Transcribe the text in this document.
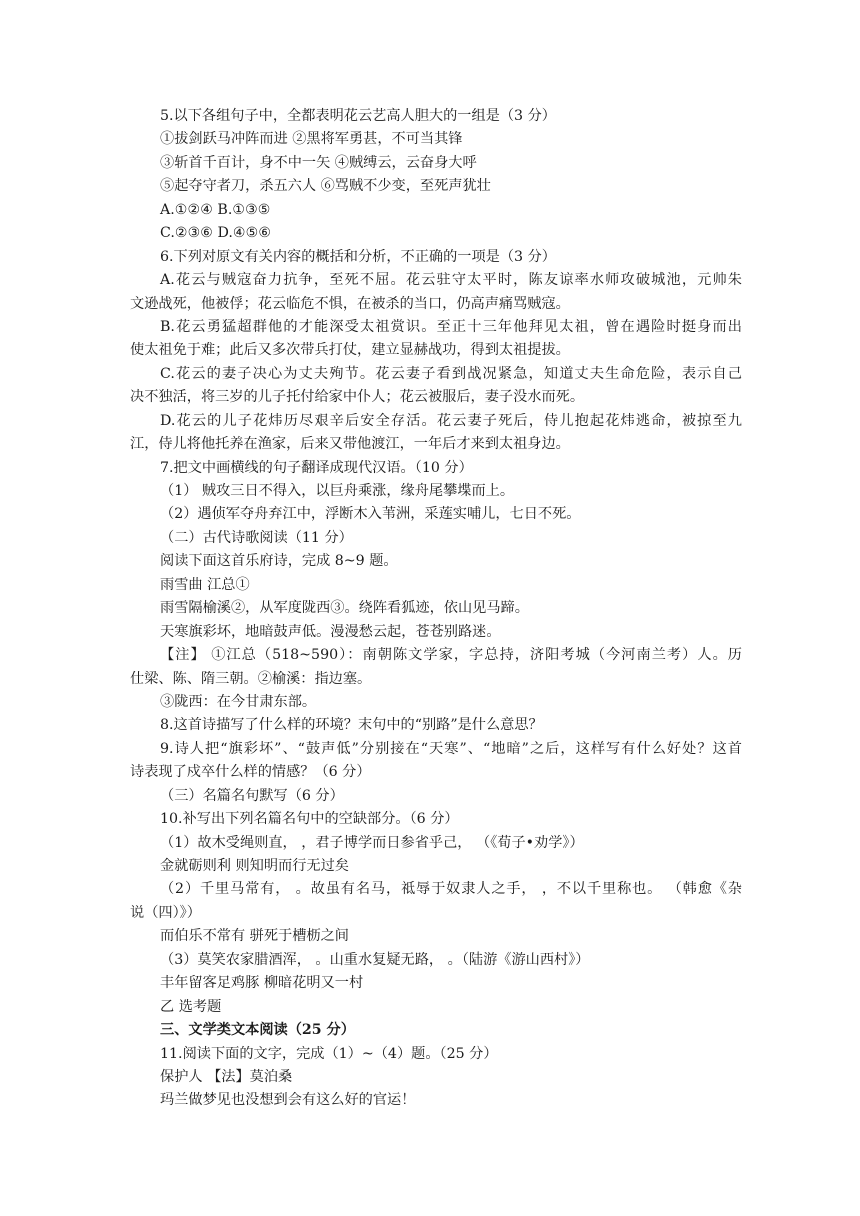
5.以下各组句子中，全都表明花云艺高人胆大的一组是（3 分）
①拔剑跃马冲阵而进 ②黑将军勇甚，不可当其锋
③斩首千百计，身不中一矢 ④贼缚云，云奋身大呼
⑤起夺守者刀，杀五六人 ⑥骂贼不少变，至死声犹壮
A.①②④ B.①③⑤
C.②③⑥ D.④⑤⑥
6.下列对原文有关内容的概括和分析，不正确的一项是（3 分）
A.花云与贼寇奋力抗争，至死不屈。花云驻守太平时，陈友谅率水师攻破城池，元帅朱
文逊战死，他被俘；花云临危不惧，在被杀的当口，仍高声痛骂贼寇。
B.花云勇猛超群他的才能深受太祖赏识。至正十三年他拜见太祖，曾在遇险时挺身而出
使太祖免于难；此后又多次带兵打仗，建立显赫战功，得到太祖提拔。
C.花云的妻子决心为丈夫殉节。花云妻子看到战况紧急，知道丈夫生命危险，表示自己
决不独活，将三岁的儿子托付给家中仆人；花云被服后，妻子没水而死。
D.花云的儿子花炜历尽艰辛后安全存活。花云妻子死后，侍儿抱起花炜逃命，被掠至九
江，侍儿将他托养在渔家，后来又带他渡江，一年后才来到太祖身边。
7.把文中画横线的句子翻译成现代汉语。（10 分）
（1） 贼攻三日不得入，以巨舟乘涨，缘舟尾攀堞而上。
（2）遇侦军夺舟弃江中，浮断木入苇洲，采莲实哺儿，七日不死。
（二）古代诗歌阅读（11 分）
阅读下面这首乐府诗，完成 8~9 题。
雨雪曲 江总①
雨雪隔榆溪②，从军度陇西③。绕阵看狐迹，依山见马蹄。
天寒旗彩坏，地暗鼓声低。漫漫愁云起，苍苍别路迷。
【注】 ①江总（518~590）：南朝陈文学家，字总持，济阳考城（今河南兰考）人。历
仕梁、陈、隋三朝。②榆溪：指边塞。
③陇西：在今甘肃东部。
8.这首诗描写了什么样的环境？末句中的“别路”是什么意思？
9.诗人把“旗彩坏”、“鼓声低”分别接在“天寒”、“地暗”之后，这样写有什么好处？这首
诗表现了戍卒什么样的情感？（6 分）
（三）名篇名句默写（6 分）
10.补写出下列名篇名句中的空缺部分。（6 分）
（1）故木受绳则直， ，君子博学而日参省乎己， （《荀子•劝学》）
金就砺则利 则知明而行无过矣
（2）千里马常有， 。故虽有名马，祗辱于奴隶人之手， ，不以千里称也。 （韩愈《杂
说（四）》）
而伯乐不常有 骈死于槽枥之间
（3）莫笑农家腊酒浑， 。山重水复疑无路， 。（陆游《游山西村》）
丰年留客足鸡豚 柳暗花明又一村
乙 选考题
三、文学类文本阅读（25 分）
11.阅读下面的文字，完成（1）~（4）题。（25 分）
保护人 【法】莫泊桑
玛兰做梦见也没想到会有这么好的官运！
